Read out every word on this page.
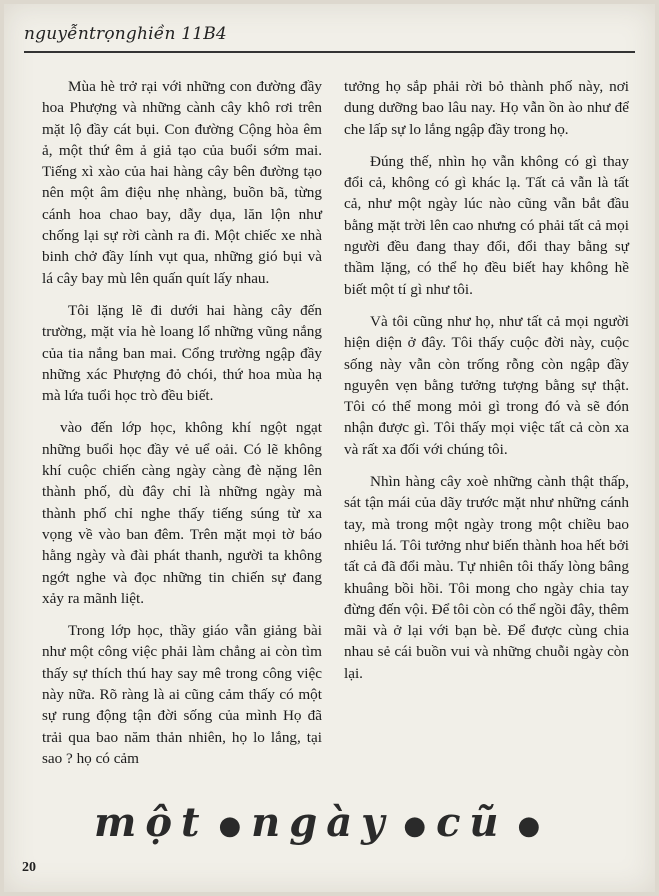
nguyễntrọnghiền 11B4

Mùa hè trở rại với những con đường đầy hoa Phượng và những cành cây khô rơi trên mặt lộ đầy cát bụi. Con đường Cộng hòa êm ả, một thứ êm ả giả tạo của buổi sớm mai. Tiếng xì xào của hai hàng cây bên đường tạo nên một âm điệu nhẹ nhàng, buồn bã, từng cánh hoa chao bay, dẫy dụa, lăn lộn như chống lại sự rời cành ra đi. Một chiếc xe nhà binh chở đầy lính vụt qua, những gió bụi và lá cây bay mù lên quấn quít lấy nhau.

Tôi lặng lẽ đi dưới hai hàng cây đến trường, mặt vỉa hè loang lổ những vũng nắng của tia nắng ban mai. Cổng trường ngập đầy những xác Phượng đỏ chói, thứ hoa mùa hạ mà lứa tuổi học trò đều biết.

vào đến lớp học, không khí ngột ngạt những buổi học đầy vẻ uể oải. Có lẽ không khí cuộc chiến càng ngày càng đè nặng lên thành phố, dù đây chỉ là những ngày mà thành phố chỉ nghe thấy tiếng súng từ xa vọng về vào ban đêm. Trên mặt mọi tờ báo hằng ngày và đài phát thanh, người ta không ngớt nghe và đọc những tin chiến sự đang xảy ra mãnh liệt.

Trong lớp học, thầy giáo vẫn giảng bài như một công việc phải làm chẳng ai còn tìm thấy sự thích thú hay say mê trong công việc này nữa. Rõ ràng là ai cũng cảm thấy có một sự rung động tận đời sống của mình Họ đã trải qua bao năm thản nhiên, họ lo lắng, tại sao ? họ có cảm

tưởng họ sắp phải rời bỏ thành phố này, nơi dung dưỡng bao lâu nay. Họ vẫn ồn ào như để che lấp sự lo lắng ngập đầy trong họ.

Đúng thế, nhìn họ vẫn không có gì thay đổi cả, không có gì khác lạ. Tất cả vẫn là tất cả, như một ngày lúc nào cũng vẫn bắt đầu bằng mặt trời lên cao nhưng có phải tất cả mọi người đều đang thay đổi, đổi thay bằng sự thầm lặng, có thể họ đều biết hay không hề biết một tí gì như tôi.

Và tôi cũng như họ, như tất cả mọi người hiện diện ở đây. Tôi thấy cuộc đời này, cuộc sống này vẫn còn trống rỗng còn ngập đầy nguyên vẹn bằng tưởng tượng bằng sự thật. Tôi có thể mong mỏi gì trong đó và sẽ đón nhận được gì. Tôi thấy mọi việc tất cả còn xa và rất xa đối với chúng tôi.

Nhìn hàng cây xoè những cành thật thấp, sát tận mái của dãy trước mặt như những cánh tay, mà trong một ngày trong một chiều bao nhiêu lá. Tôi tưởng như biến thành hoa hết bởi tất cả đã đổi màu. Tự nhiên tôi thấy lòng bâng khuâng bồi hồi. Tôi mong cho ngày chia tay đừng đến vội. Để tôi còn có thể ngồi đây, thêm mãi và ở lại với bạn bè. Để được cùng chia nhau sẻ cái buồn vui và những chuỗi ngày còn lại.

một ● ngày ● cũ ●
20
